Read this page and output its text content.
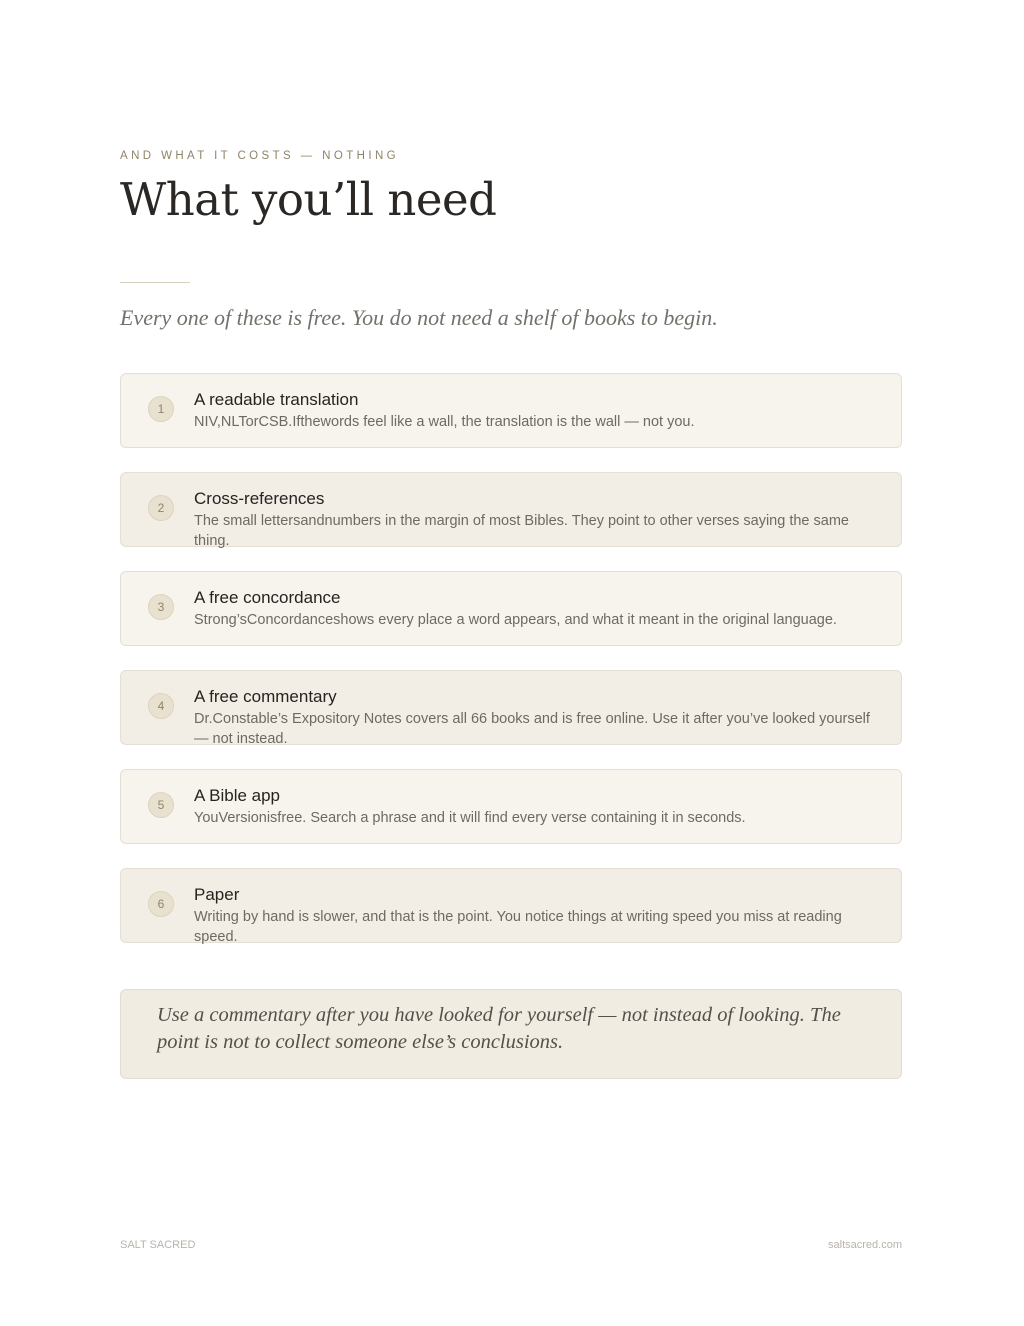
AND WHAT IT COSTS — NOTHING
What you’ll need
Every one of these is free. You do not need a shelf of books to begin.
1	A readable translation
NIV,NLTorCSB.Ifthewords feel like a wall, the translation is the wall — not you.
2	Cross-references
The small lettersandnumbers in the margin of most Bibles. They point to other verses saying the same thing.
3	A free concordance
Strong’sConcordanceshows every place a word appears, and what it meant in the original language.
4	A free commentary
Dr.Constable’s Expository Notes covers all 66 books and is free online. Use it after you’ve looked yourself — not instead.
5	A Bible app
YouVersionisfree. Search a phrase and it will find every verse containing it in seconds.
6	Paper
Writing by hand is slower, and that is the point. You notice things at writing speed you miss at reading speed.

Use a commentary after you have looked for yourself — not instead of looking. The point is not to collect someone else’s conclusions.

SALT SACRED	saltsacred.com
